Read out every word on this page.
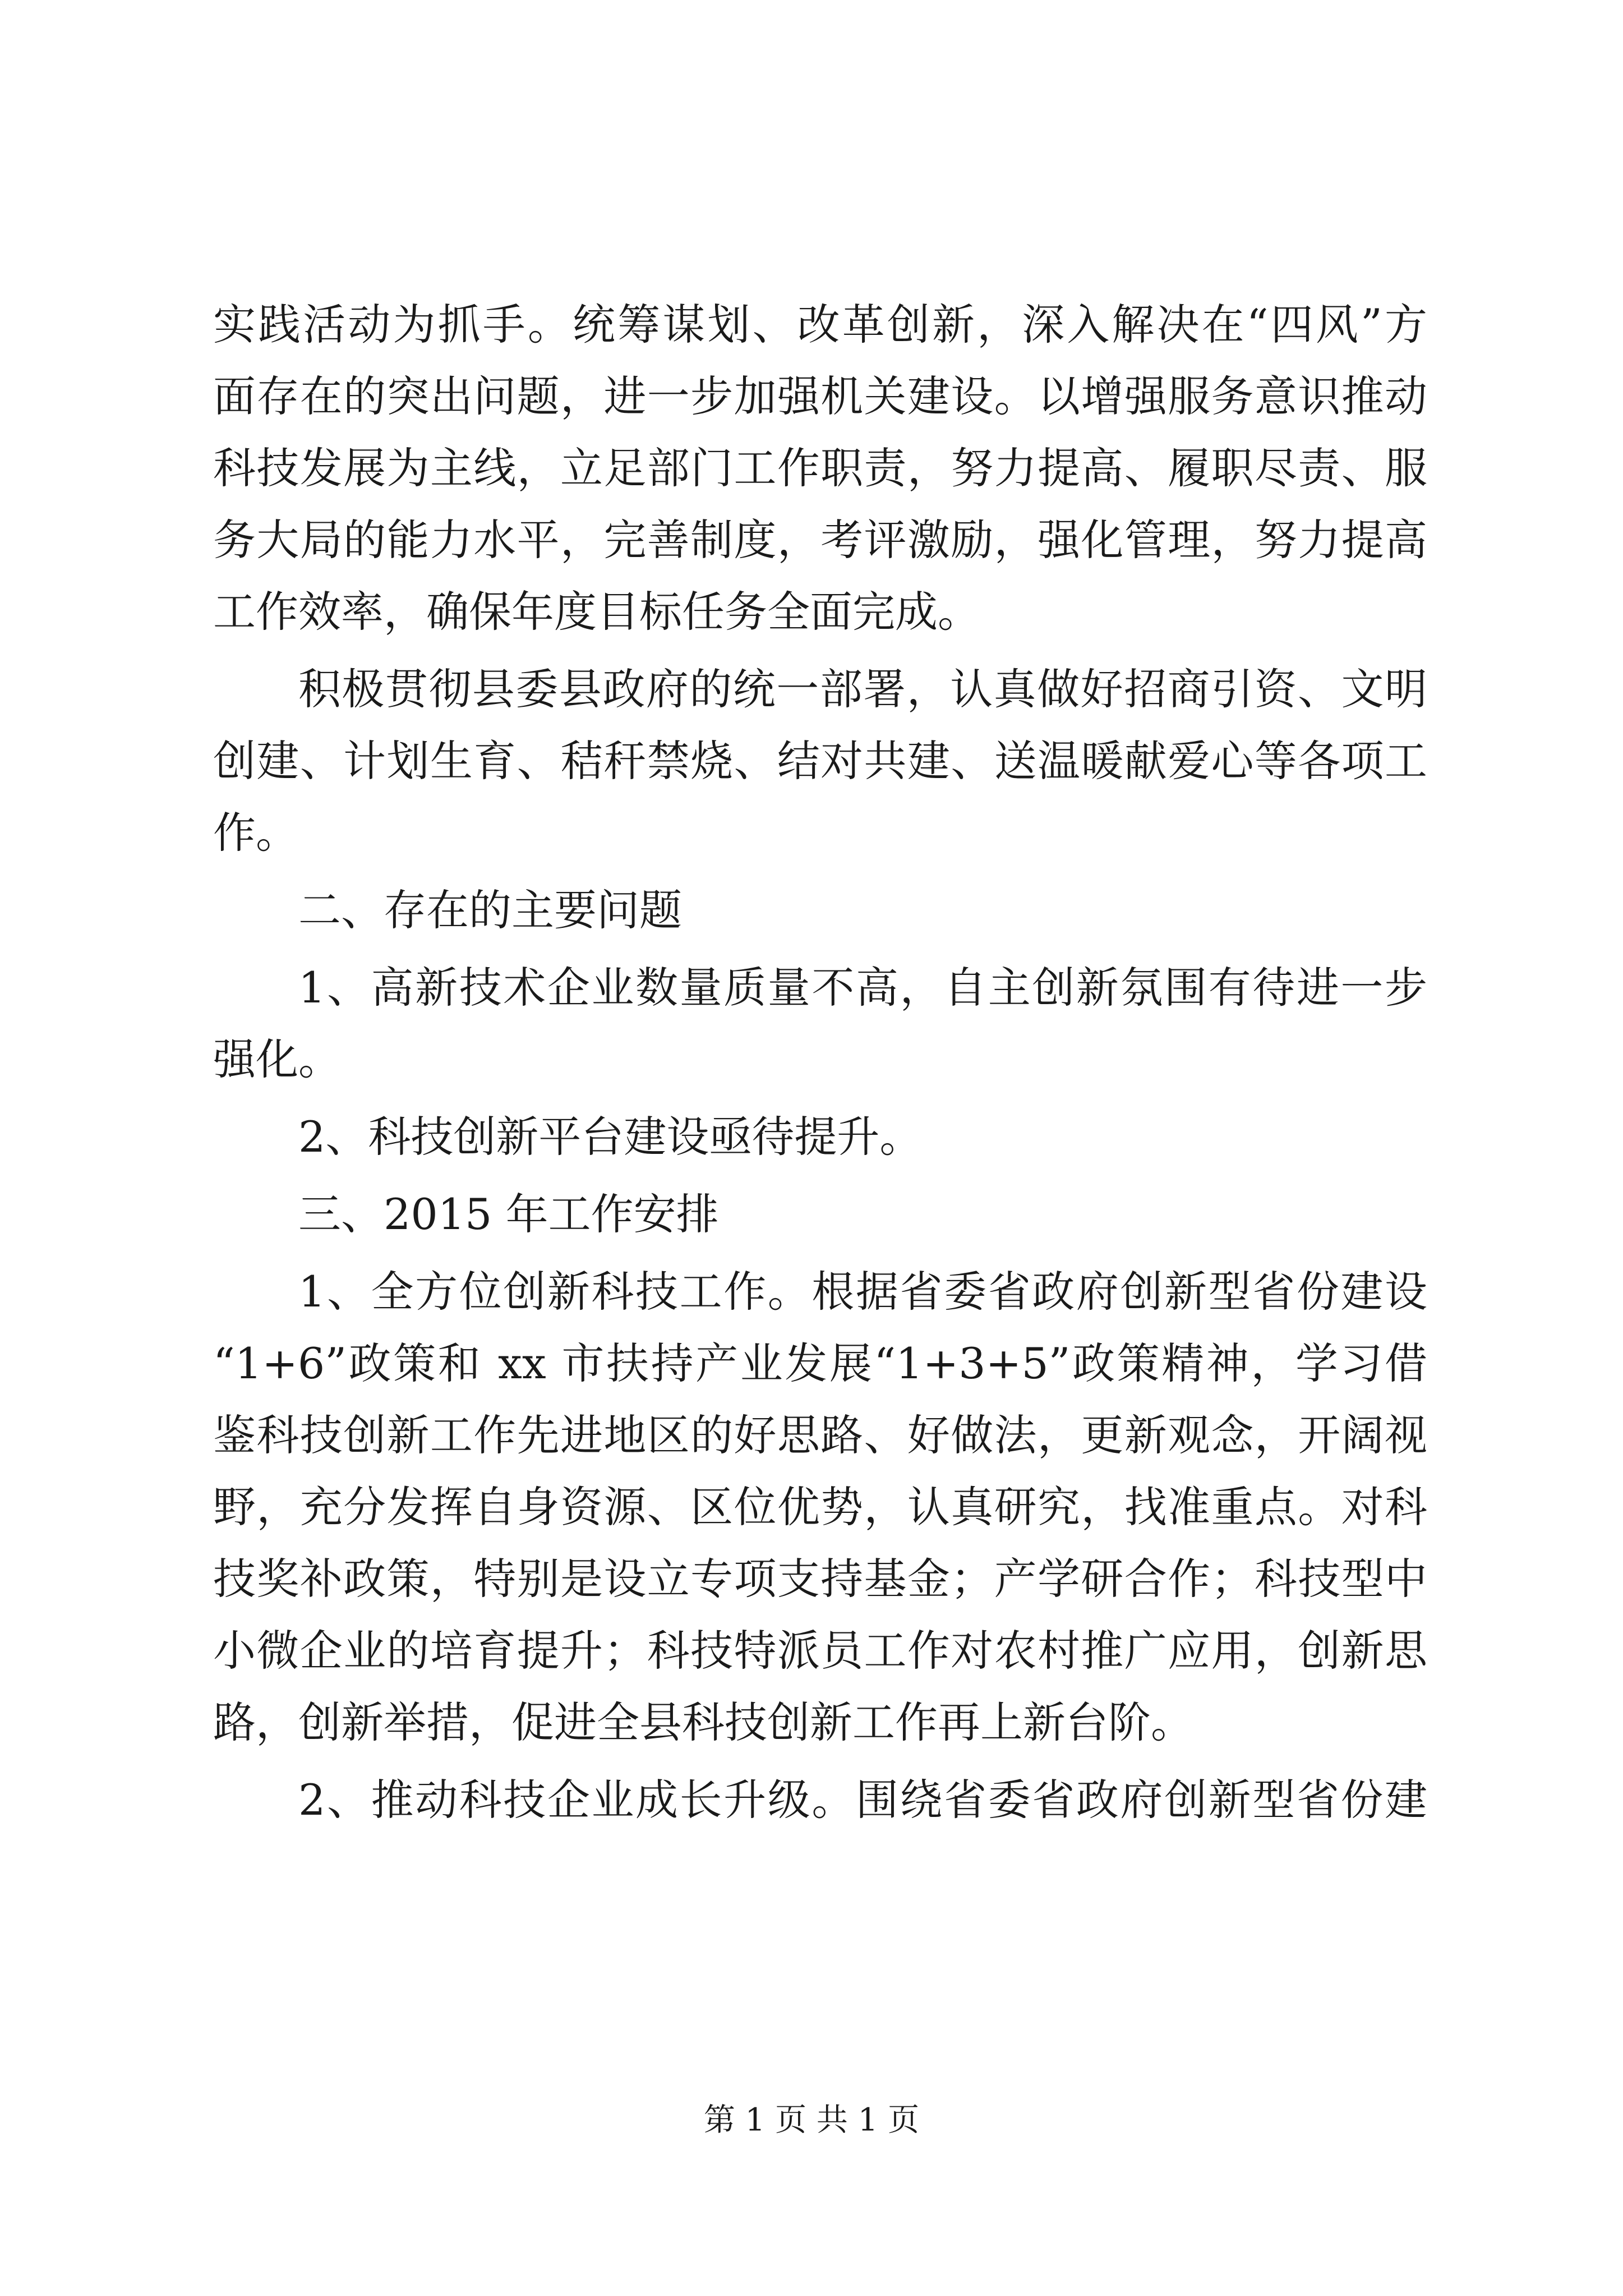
实践活动为抓手。统筹谋划、改革创新，深入解决在“四风”方

面存在的突出问题，进一步加强机关建设。以增强服务意识推动

科技发展为主线，立足部门工作职责，努力提高、履职尽责、服

务大局的能力水平，完善制度，考评激励，强化管理，努力提高

工作效率，确保年度目标任务全面完成。

积极贯彻县委县政府的统一部署，认真做好招商引资、文明

创建、计划生育、秸秆禁烧、结对共建、送温暖献爱心等各项工

作。

二、存在的主要问题

1、高新技术企业数量质量不高，自主创新氛围有待进一步

强化。

2、科技创新平台建设亟待提升。

三、2015 年工作安排

1、全方位创新科技工作。根据省委省政府创新型省份建设

“1+6”政策和 xx 市扶持产业发展“1+3+5”政策精神，学习借

鉴科技创新工作先进地区的好思路、好做法，更新观念，开阔视

野，充分发挥自身资源、区位优势，认真研究，找准重点。对科

技奖补政策，特别是设立专项支持基金；产学研合作；科技型中

小微企业的培育提升；科技特派员工作对农村推广应用，创新思

路，创新举措，促进全县科技创新工作再上新台阶。

2、推动科技企业成长升级。围绕省委省政府创新型省份建

第 1 页 共 1 页
